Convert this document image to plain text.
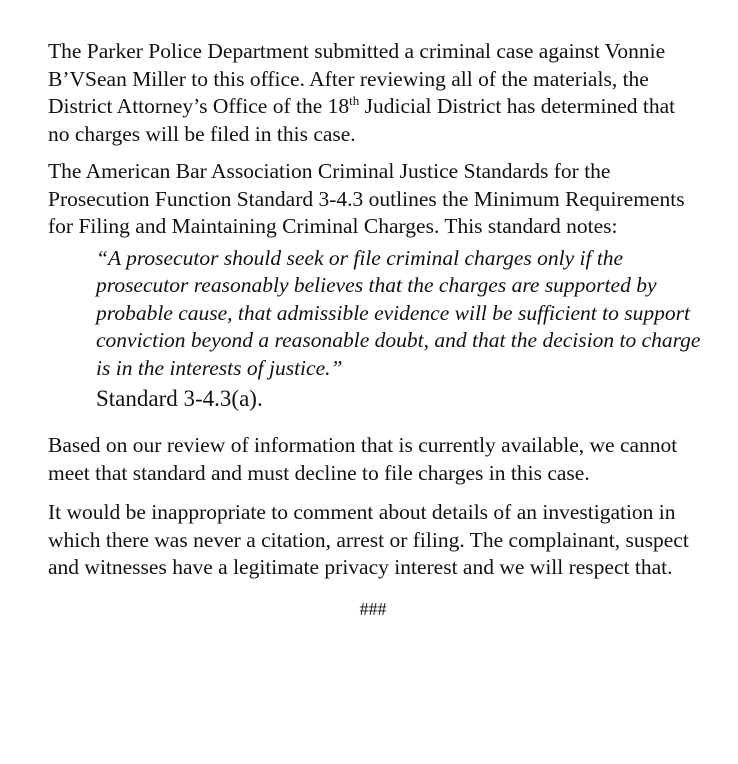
The Parker Police Department submitted a criminal case against Vonnie B’VSean Miller to this office. After reviewing all of the materials, the District Attorney’s Office of the 18th Judicial District has determined that no charges will be filed in this case.

The American Bar Association Criminal Justice Standards for the Prosecution Function Standard 3-4.3 outlines the Minimum Requirements for Filing and Maintaining Criminal Charges. This standard notes:

“A prosecutor should seek or file criminal charges only if the prosecutor reasonably believes that the charges are supported by probable cause, that admissible evidence will be sufficient to support conviction beyond a reasonable doubt, and that the decision to charge is in the interests of justice.”

Standard 3-4.3(a).

Based on our review of information that is currently available, we cannot meet that standard and must decline to file charges in this case.

It would be inappropriate to comment about details of an investigation in which there was never a citation, arrest or filing. The complainant, suspect and witnesses have a legitimate privacy interest and we will respect that.

###
